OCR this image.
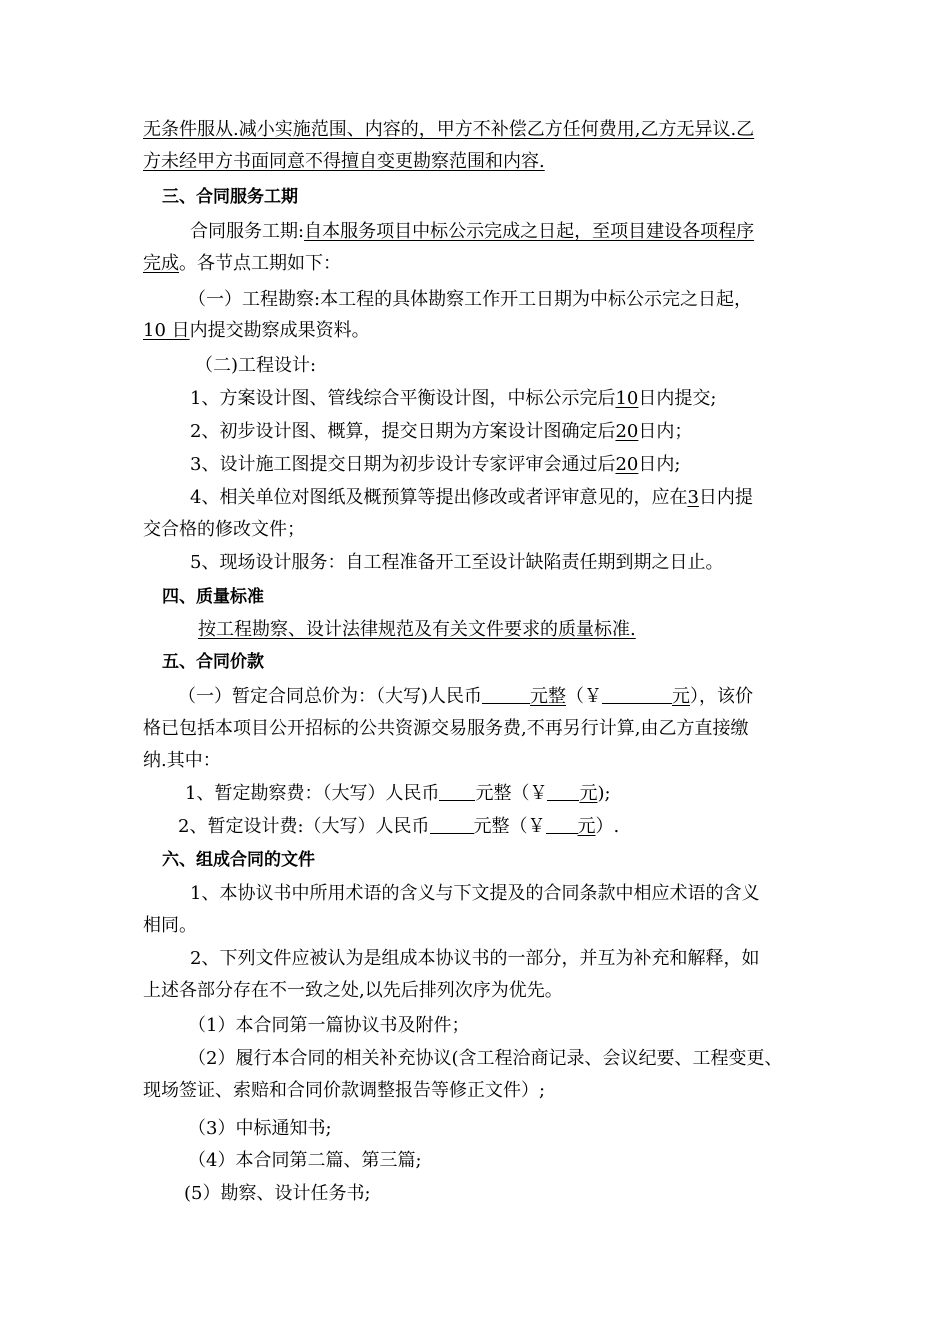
无条件服从.减小实施范围、内容的，甲方不补偿乙方任何费用,乙方无异议.乙
方未经甲方书面同意不得擅自变更勘察范围和内容.
三、合同服务工期
合同服务工期:自本服务项目中标公示完成之日起，至项目建设各项程序
完成。各节点工期如下：
（一）工程勘察:本工程的具体勘察工作开工日期为中标公示完之日起，
10 日内提交勘察成果资料。
（二)工程设计:
1、方案设计图、管线综合平衡设计图，中标公示完后10日内提交;
2、初步设计图、概算，提交日期为方案设计图确定后20日内；
3、设计施工图提交日期为初步设计专家评审会通过后20日内;
4、相关单位对图纸及概预算等提出修改或者评审意见的，应在3日内提
交合格的修改文件；
5、现场设计服务：自工程准备开工至设计缺陷责任期到期之日止。
四、质量标准
按工程勘察、设计法律规范及有关文件要求的质量标准.
五、合同价款
（一）暂定合同总价为：（大写)人民币	元整（￥	元），该价
格已包括本项目公开招标的公共资源交易服务费,不再另行计算,由乙方直接缴
纳.其中：
1、暂定勘察费：（大写）人民币 元整（￥ 元);
2、暂定设计费:（大写）人民币 元整（￥ 元）.
六、组成合同的文件
1、本协议书中所用术语的含义与下文提及的合同条款中相应术语的含义
相同。
2、下列文件应被认为是组成本协议书的一部分，并互为补充和解释，如
上述各部分存在不一致之处,以先后排列次序为优先。
（1）本合同第一篇协议书及附件；
（2）履行本合同的相关补充协议(含工程洽商记录、会议纪要、工程变更、
现场签证、索赔和合同价款调整报告等修正文件）;
（3）中标通知书;
（4）本合同第二篇、第三篇;
(5）勘察、设计任务书;
